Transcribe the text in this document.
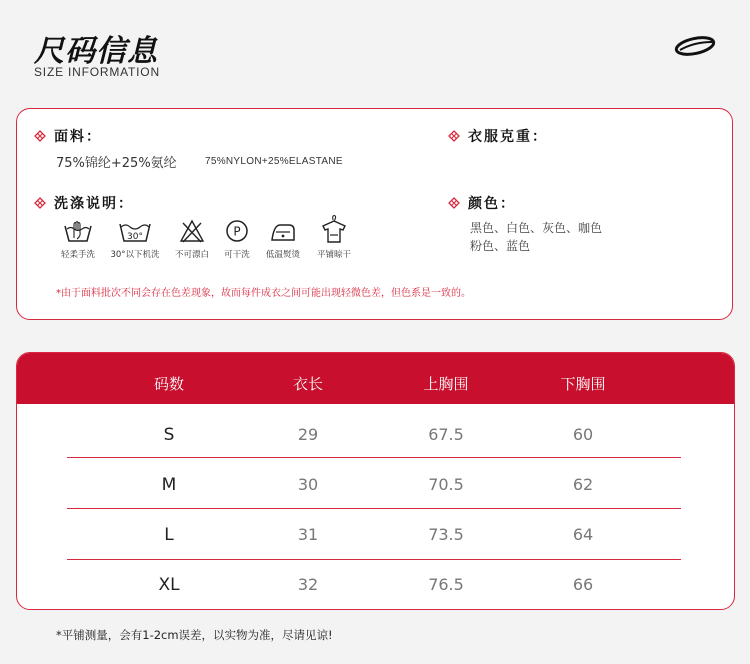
尺码信息
SIZE INFORMATION
面料：
75%锦纶+25%氨纶	75%NYLON+25%ELASTANE
衣服克重：
洗涤说明：
轻柔手洗
30°
30°以下机洗	不可漂白
P
可干洗	低温熨烫	平铺晾干
颜色：
黑色、白色、灰色、咖色
粉色、蓝色
*由于面料批次不同会存在色差现象，故而每件成衣之间可能出现轻微色差，但色系是一致的。
码数	衣长	上胸围	下胸围
S	29	67.5	60
M	30	70.5	62
L	31	73.5	64
XL	32	76.5	66
*平铺测量，会有1-2cm误差，以实物为准，尽请见谅!
